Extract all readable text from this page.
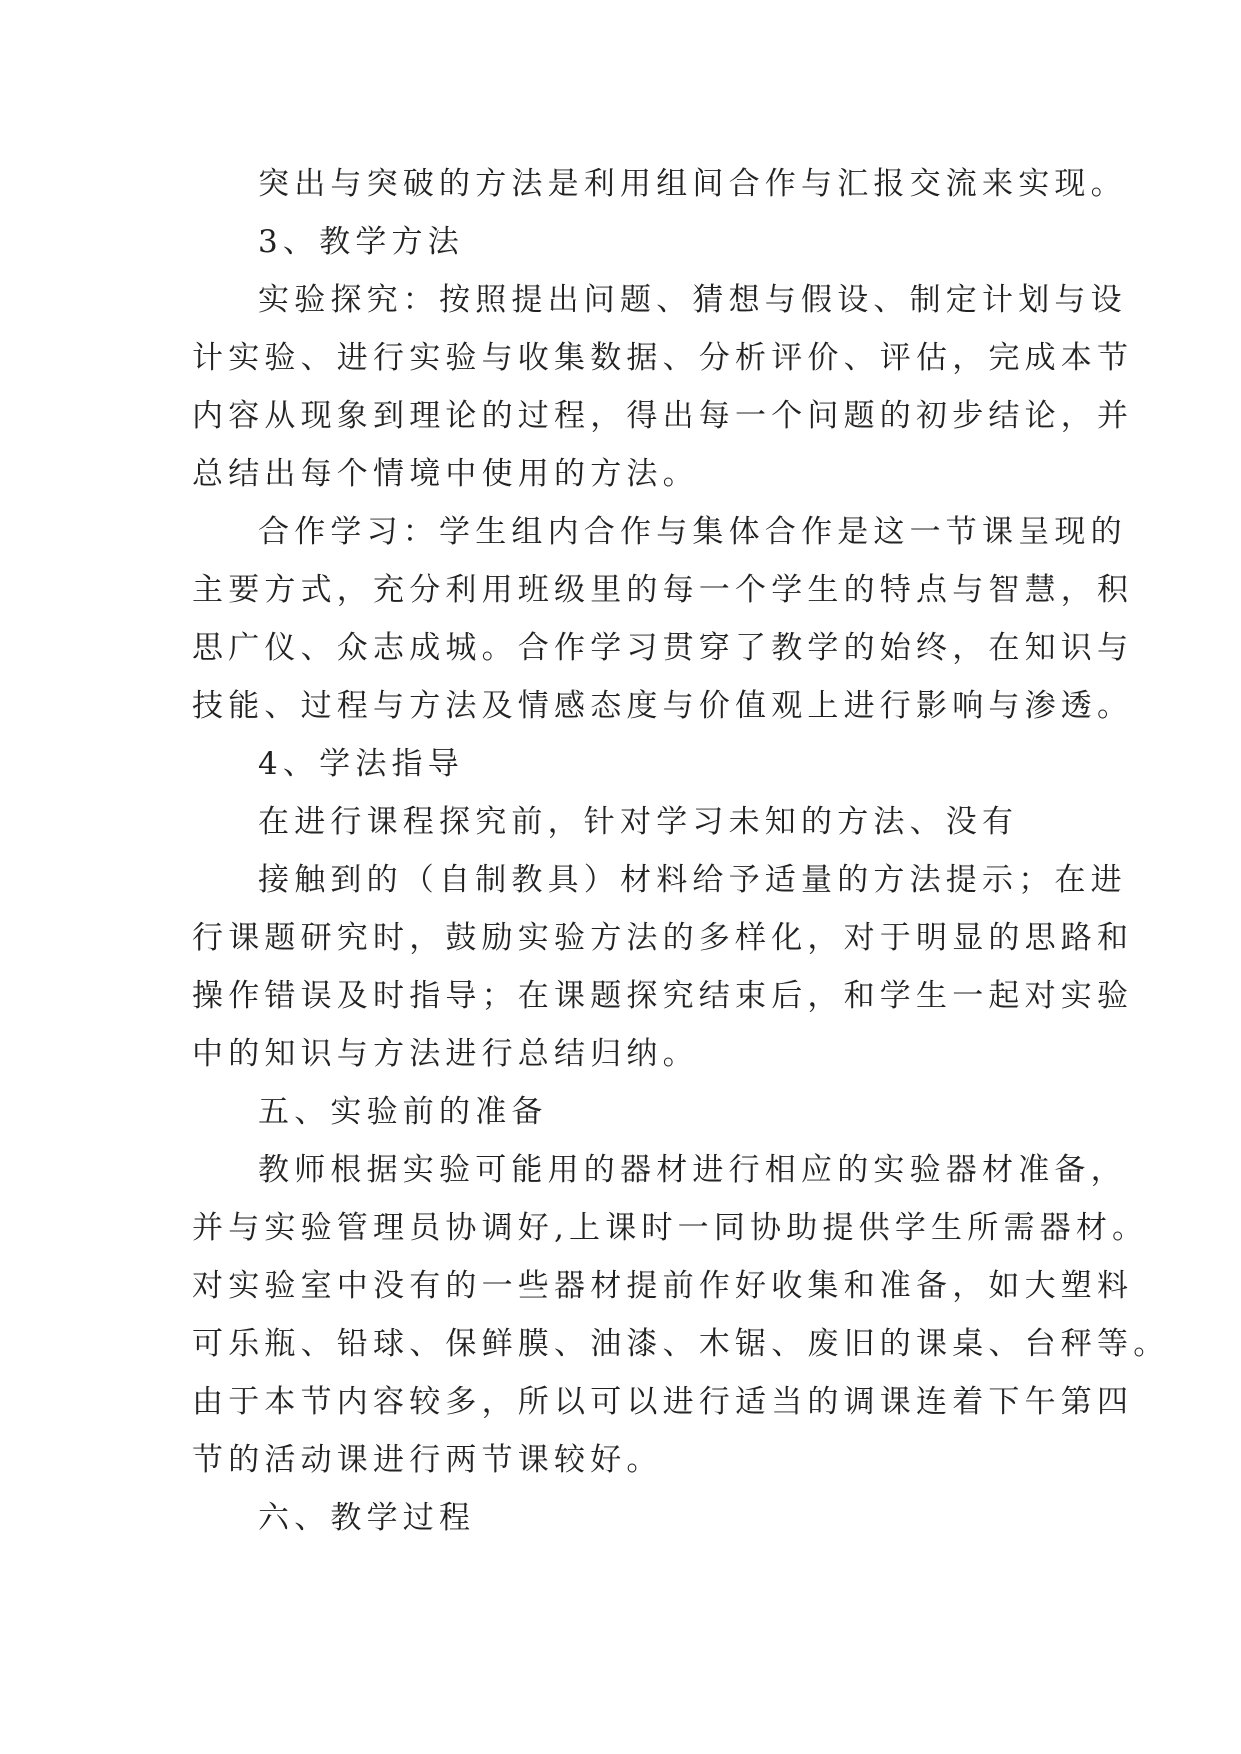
突出与突破的方法是利用组间合作与汇报交流来实现。
3、教学方法
实验探究：按照提出问题、猜想与假设、制定计划与设
计实验、进行实验与收集数据、分析评价、评估，完成本节
内容从现象到理论的过程，得出每一个问题的初步结论，并
总结出每个情境中使用的方法。
合作学习：学生组内合作与集体合作是这一节课呈现的
主要方式，充分利用班级里的每一个学生的特点与智慧，积
思广仪、众志成城。合作学习贯穿了教学的始终，在知识与
技能、过程与方法及情感态度与价值观上进行影响与渗透。
4、学法指导
在进行课程探究前，针对学习未知的方法、没有
接触到的（自制教具）材料给予适量的方法提示；在进
行课题研究时，鼓励实验方法的多样化，对于明显的思路和
操作错误及时指导；在课题探究结束后，和学生一起对实验
中的知识与方法进行总结归纳。
五、实验前的准备
教师根据实验可能用的器材进行相应的实验器材准备，
并与实验管理员协调好,上课时一同协助提供学生所需器材。
对实验室中没有的一些器材提前作好收集和准备，如大塑料
可乐瓶、铅球、保鲜膜、油漆、木锯、废旧的课桌、台秤等。
由于本节内容较多，所以可以进行适当的调课连着下午第四
节的活动课进行两节课较好。
六、教学过程
